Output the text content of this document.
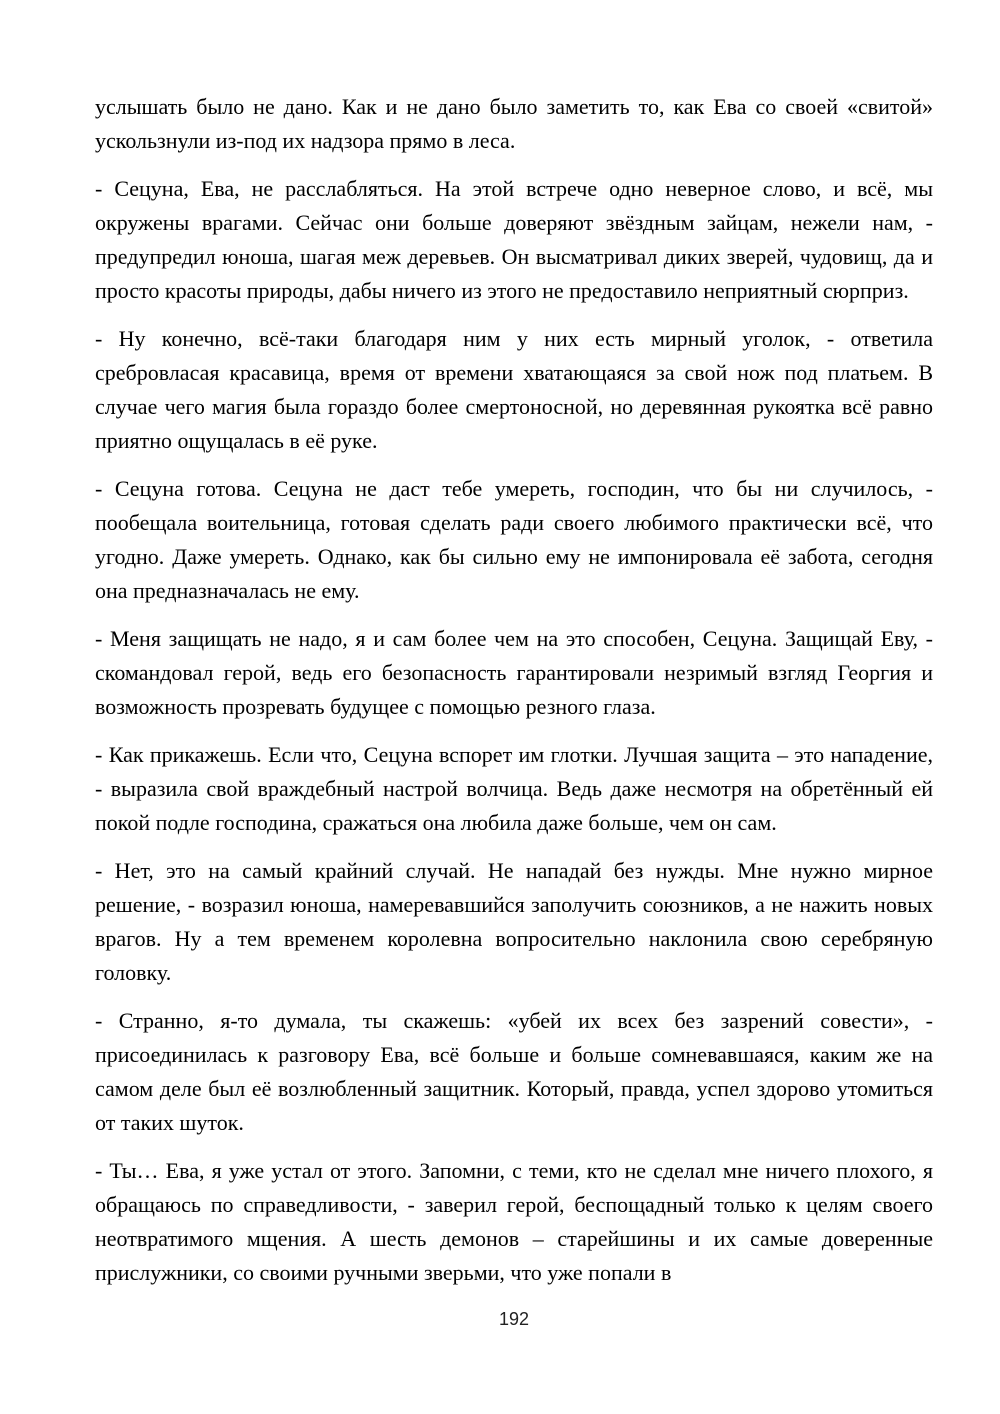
услышать было не дано. Как и не дано было заметить то, как Ева со своей «свитой» ускользнули из-под их надзора прямо в леса.
- Сецуна, Ева, не расслабляться. На этой встрече одно неверное слово, и всё, мы окружены врагами. Сейчас они больше доверяют звёздным зайцам, нежели нам, - предупредил юноша, шагая меж деревьев. Он высматривал диких зверей, чудовищ, да и просто красоты природы, дабы ничего из этого не предоставило неприятный сюрприз.
- Ну конечно, всё-таки благодаря ним у них есть мирный уголок, - ответила сребровласая красавица, время от времени хватающаяся за свой нож под платьем. В случае чего магия была гораздо более смертоносной, но деревянная рукоятка всё равно приятно ощущалась в её руке.
- Сецуна готова. Сецуна не даст тебе умереть, господин, что бы ни случилось, - пообещала воительница, готовая сделать ради своего любимого практически всё, что угодно. Даже умереть. Однако, как бы сильно ему не импонировала её забота, сегодня она предназначалась не ему.
- Меня защищать не надо, я и сам более чем на это способен, Сецуна. Защищай Еву, - скомандовал герой, ведь его безопасность гарантировали незримый взгляд Георгия и возможность прозревать будущее с помощью резного глаза.
- Как прикажешь. Если что, Сецуна вспорет им глотки. Лучшая защита – это нападение, - выразила свой враждебный настрой волчица. Ведь даже несмотря на обретённый ей покой подле господина, сражаться она любила даже больше, чем он сам.
- Нет, это на самый крайний случай. Не нападай без нужды. Мне нужно мирное решение, - возразил юноша, намеревавшийся заполучить союзников, а не нажить новых врагов. Ну а тем временем королевна вопросительно наклонила свою серебряную головку.
- Странно, я-то думала, ты скажешь: «убей их всех без зазрений совести», - присоединилась к разговору Ева, всё больше и больше сомневавшаяся, каким же на самом деле был её возлюбленный защитник. Который, правда, успел здорово утомиться от таких шуток.
- Ты… Ева, я уже устал от этого. Запомни, с теми, кто не сделал мне ничего плохого, я обращаюсь по справедливости, - заверил герой, беспощадный только к целям своего неотвратимого мщения. А шесть демонов – старейшины и их самые доверенные прислужники, со своими ручными зверьми, что уже попали в
192
